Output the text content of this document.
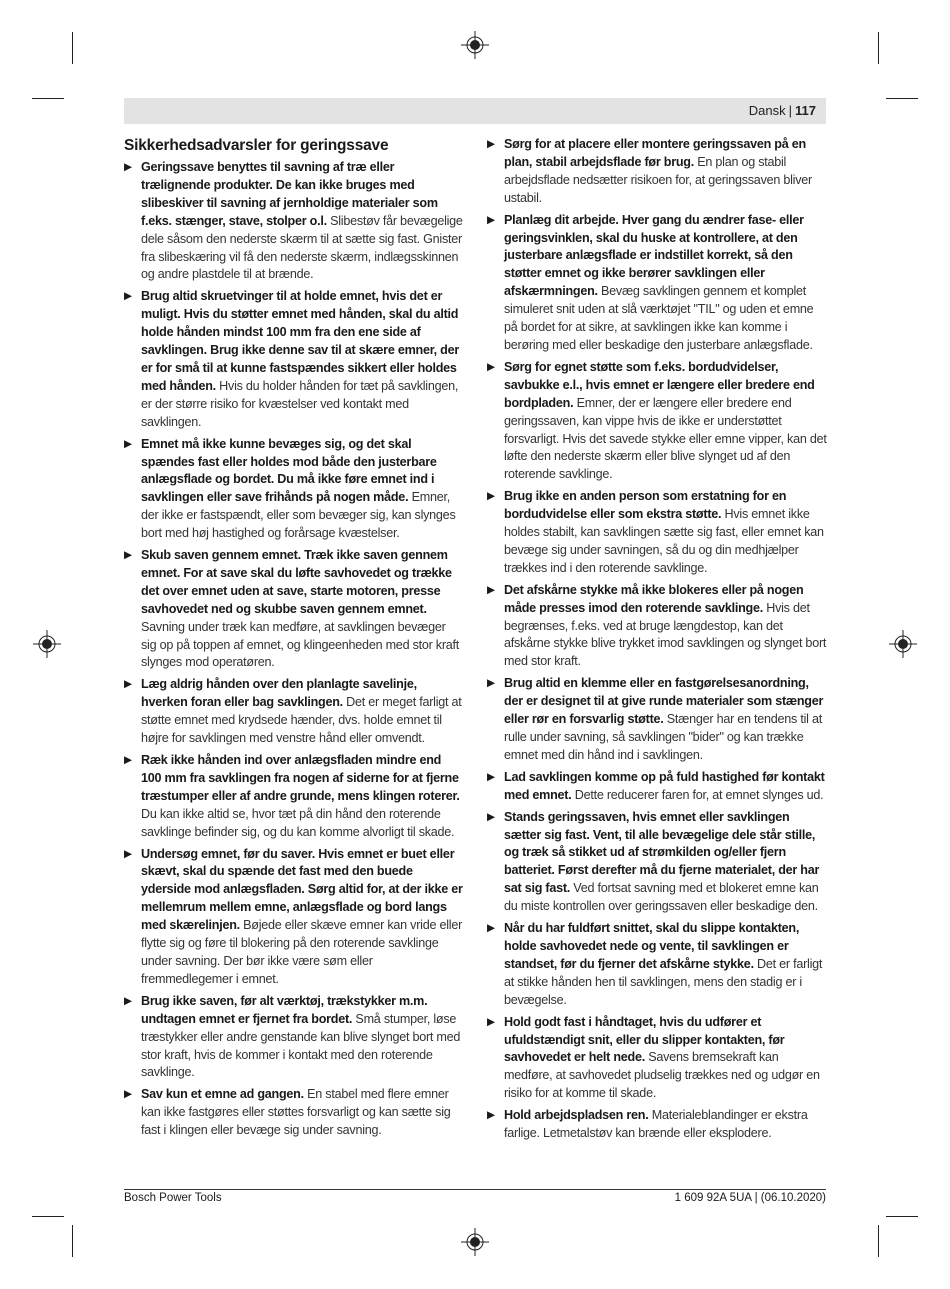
Dansk | 117
Sikkerhedsadvarsler for geringssave
▶ Geringssave benyttes til savning af træ eller trælignende produkter. De kan ikke bruges med slibeskiver til savning af jernholdige materialer som f.eks. stænger, stave, stolper o.l. Slibestøv får bevægelige dele såsom den nederste skærm til at sætte sig fast. Gnister fra slibeskæring vil få den nederste skærm, indlægsskinnen og andre plastdele til at brænde.
▶ Brug altid skruetvinger til at holde emnet, hvis det er muligt. Hvis du støtter emnet med hånden, skal du altid holde hånden mindst 100 mm fra den ene side af savklingen. Brug ikke denne sav til at skære emner, der er for små til at kunne fastspændes sikkert eller holdes med hånden. Hvis du holder hånden for tæt på savklingen, er der større risiko for kvæstelser ved kontakt med savklingen.
▶ Emnet må ikke kunne bevæges sig, og det skal spændes fast eller holdes mod både den justerbare anlægsflade og bordet. Du må ikke føre emnet ind i savklingen eller save frihånds på nogen måde. Emner, der ikke er fastspændt, eller som bevæger sig, kan slynges bort med høj hastighed og forårsage kvæstelser.
▶ Skub saven gennem emnet. Træk ikke saven gennem emnet. For at save skal du løfte savhovedet og trække det over emnet uden at save, starte motoren, presse savhovedet ned og skubbe saven gennem emnet. Savning under træk kan medføre, at savklingen bevæger sig op på toppen af emnet, og klingeenheden med stor kraft slynges mod operatøren.
▶ Læg aldrig hånden over den planlagte savelinje, hverken foran eller bag savklingen. Det er meget farligt at støtte emnet med krydsede hænder, dvs. holde emnet til højre for savklingen med venstre hånd eller omvendt.
▶ Ræk ikke hånden ind over anlægsfladen mindre end 100 mm fra savklingen fra nogen af siderne for at fjerne træstumper eller af andre grunde, mens klingen roterer. Du kan ikke altid se, hvor tæt på din hånd den roterende savklinge befinder sig, og du kan komme alvorligt til skade.
▶ Undersøg emnet, før du saver. Hvis emnet er buet eller skævt, skal du spænde det fast med den buede yderside mod anlægsfladen. Sørg altid for, at der ikke er mellemrum mellem emne, anlægsflade og bord langs med skærelinjen. Bøjede eller skæve emner kan vride eller flytte sig og føre til blokering på den roterende savklinge under savning. Der bør ikke være søm eller fremmedlegemer i emnet.
▶ Brug ikke saven, før alt værktøj, trækstykker m.m. undtagen emnet er fjernet fra bordet. Små stumper, løse træstykker eller andre genstande kan blive slynget bort med stor kraft, hvis de kommer i kontakt med den roterende savklinge.
▶ Sav kun et emne ad gangen. En stabel med flere emner kan ikke fastgøres eller støttes forsvarligt og kan sætte sig fast i klingen eller bevæge sig under savning.
▶ Sørg for at placere eller montere geringssaven på en plan, stabil arbejdsflade før brug. En plan og stabil arbejdsflade nedsætter risikoen for, at geringssaven bliver ustabil.
▶ Planlæg dit arbejde. Hver gang du ændrer fase- eller geringsvinklen, skal du huske at kontrollere, at den justerbare anlægsflade er indstillet korrekt, så den støtter emnet og ikke berører savklingen eller afskærmningen. Bevæg savklingen gennem et komplet simuleret snit uden at slå værktøjet "TIL" og uden et emne på bordet for at sikre, at savklingen ikke kan komme i berøring med eller beskadige den justerbare anlægsflade.
▶ Sørg for egnet støtte som f.eks. bordudvidelser, savbukke e.l., hvis emnet er længere eller bredere end bordpladen. Emner, der er længere eller bredere end geringssaven, kan vippe hvis de ikke er understøttet forsvarligt. Hvis det savede stykke eller emne vipper, kan det løfte den nederste skærm eller blive slynget ud af den roterende savklinge.
▶ Brug ikke en anden person som erstatning for en bordudvidelse eller som ekstra støtte. Hvis emnet ikke holdes stabilt, kan savklingen sætte sig fast, eller emnet kan bevæge sig under savningen, så du og din medhjælper trækkes ind i den roterende savklinge.
▶ Det afskårne stykke må ikke blokeres eller på nogen måde presses imod den roterende savklinge. Hvis det begrænses, f.eks. ved at bruge længdestop, kan det afskårne stykke blive trykket imod savklingen og slynget bort med stor kraft.
▶ Brug altid en klemme eller en fastgørelsesanordning, der er designet til at give runde materialer som stænger eller rør en forsvarlig støtte. Stænger har en tendens til at rulle under savning, så savklingen "bider" og kan trække emnet med din hånd ind i savklingen.
▶ Lad savklingen komme op på fuld hastighed før kontakt med emnet. Dette reducerer faren for, at emnet slynges ud.
▶ Stands geringssaven, hvis emnet eller savklingen sætter sig fast. Vent, til alle bevægelige dele står stille, og træk så stikket ud af strømkilden og/eller fjern batteriet. Først derefter må du fjerne materialet, der har sat sig fast. Ved fortsat savning med et blokeret emne kan du miste kontrollen over geringssaven eller beskadige den.
▶ Når du har fuldført snittet, skal du slippe kontakten, holde savhovedet nede og vente, til savklingen er standset, før du fjerner det afskårne stykke. Det er farligt at stikke hånden hen til savklingen, mens den stadig er i bevægelse.
▶ Hold godt fast i håndtaget, hvis du udfører et ufuldstændigt snit, eller du slipper kontakten, før savhovedet er helt nede. Savens bremsekraft kan medføre, at savhovedet pludselig trækkes ned og udgør en risiko for at komme til skade.
▶ Hold arbejdspladsen ren. Materialeblandinger er ekstra farlige. Letmetalstøv kan brænde eller eksplodere.
Bosch Power Tools	1 609 92A 5UA | (06.10.2020)
